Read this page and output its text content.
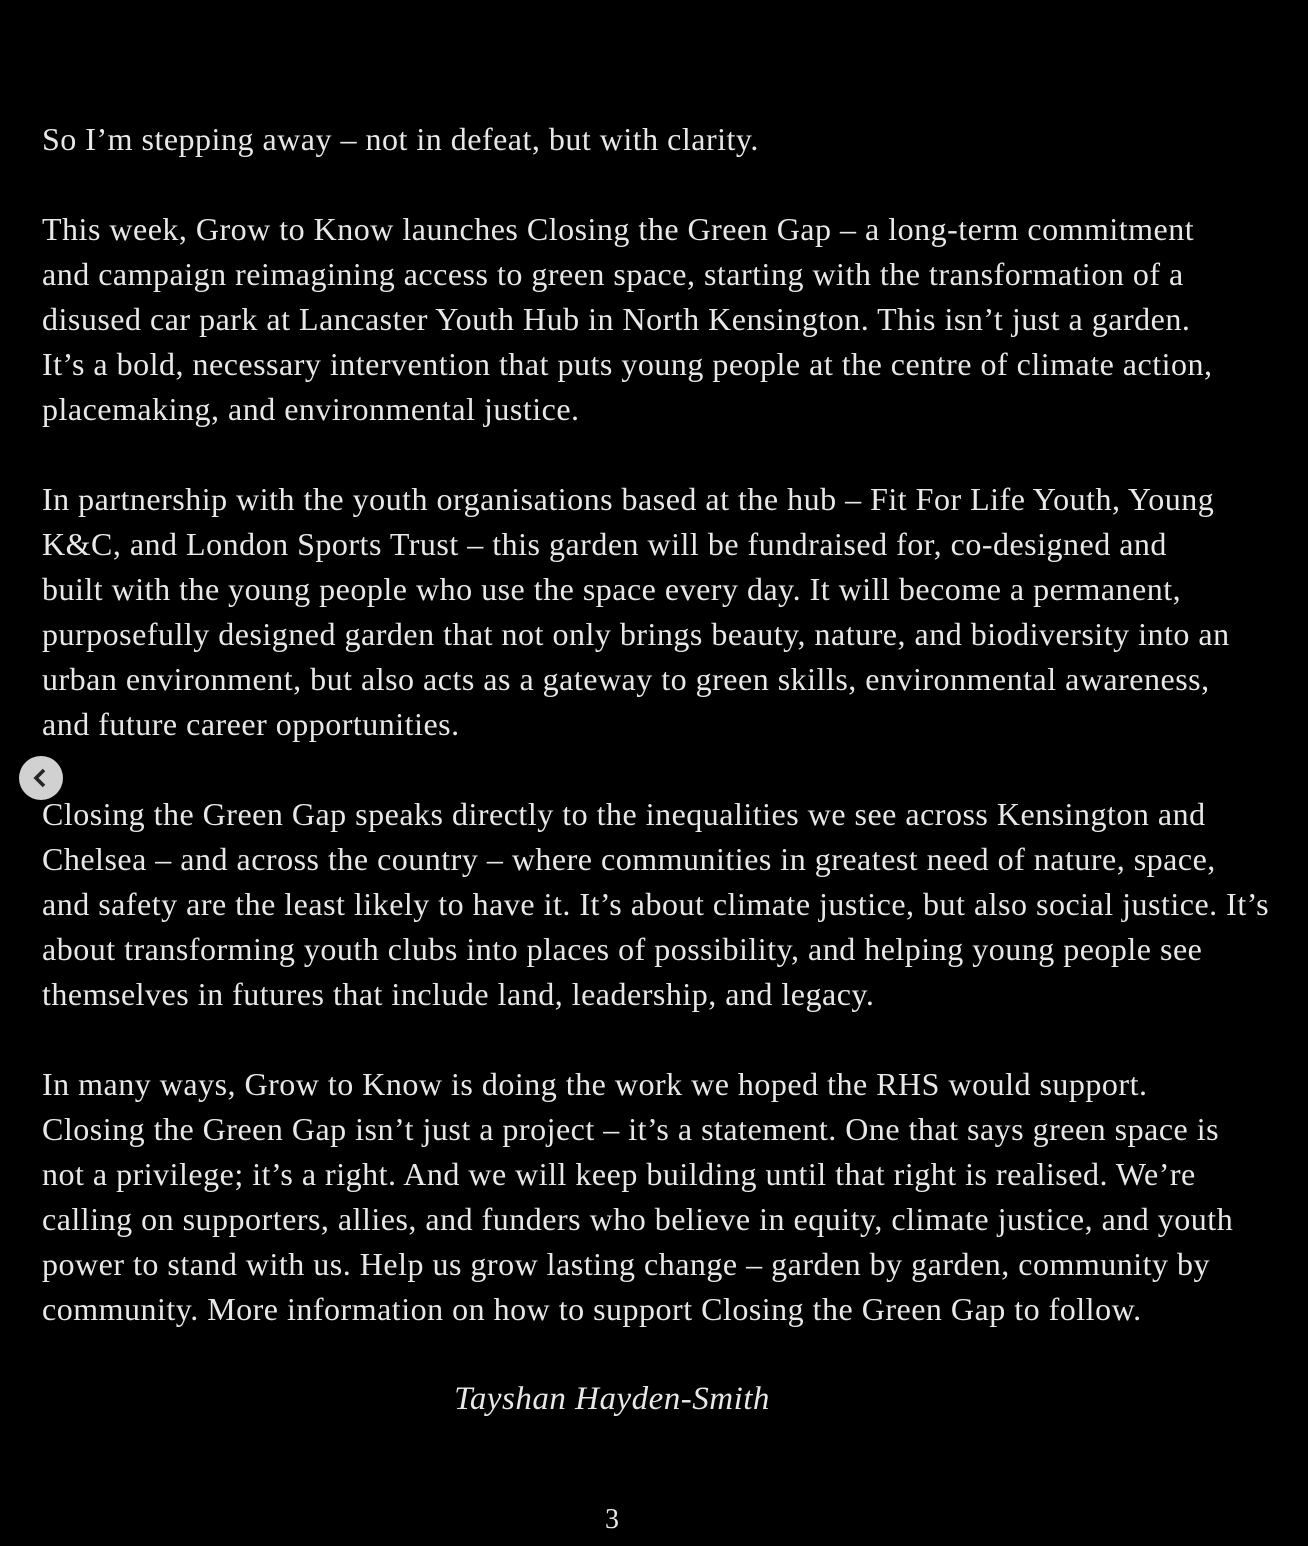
So I’m stepping away – not in defeat, but with clarity.
This week, Grow to Know launches Closing the Green Gap – a long-term commitment
and campaign reimagining access to green space, starting with the transformation of a
disused car park at Lancaster Youth Hub in North Kensington. This isn’t just a garden.
It’s a bold, necessary intervention that puts young people at the centre of climate action,
placemaking, and environmental justice.
In partnership with the youth organisations based at the hub – Fit For Life Youth, Young
K&C, and London Sports Trust – this garden will be fundraised for, co-designed and
built with the young people who use the space every day. It will become a permanent,
purposefully designed garden that not only brings beauty, nature, and biodiversity into an
urban environment, but also acts as a gateway to green skills, environmental awareness,
and future career opportunities.
Closing the Green Gap speaks directly to the inequalities we see across Kensington and
Chelsea – and across the country – where communities in greatest need of nature, space,
and safety are the least likely to have it. It’s about climate justice, but also social justice. It’s
about transforming youth clubs into places of possibility, and helping young people see
themselves in futures that include land, leadership, and legacy.
In many ways, Grow to Know is doing the work we hoped the RHS would support.
Closing the Green Gap isn’t just a project – it’s a statement. One that says green space is
not a privilege; it’s a right. And we will keep building until that right is realised. We’re
calling on supporters, allies, and funders who believe in equity, climate justice, and youth
power to stand with us. Help us grow lasting change – garden by garden, community by
community. More information on how to support Closing the Green Gap to follow.
Tayshan Hayden-Smith
3
